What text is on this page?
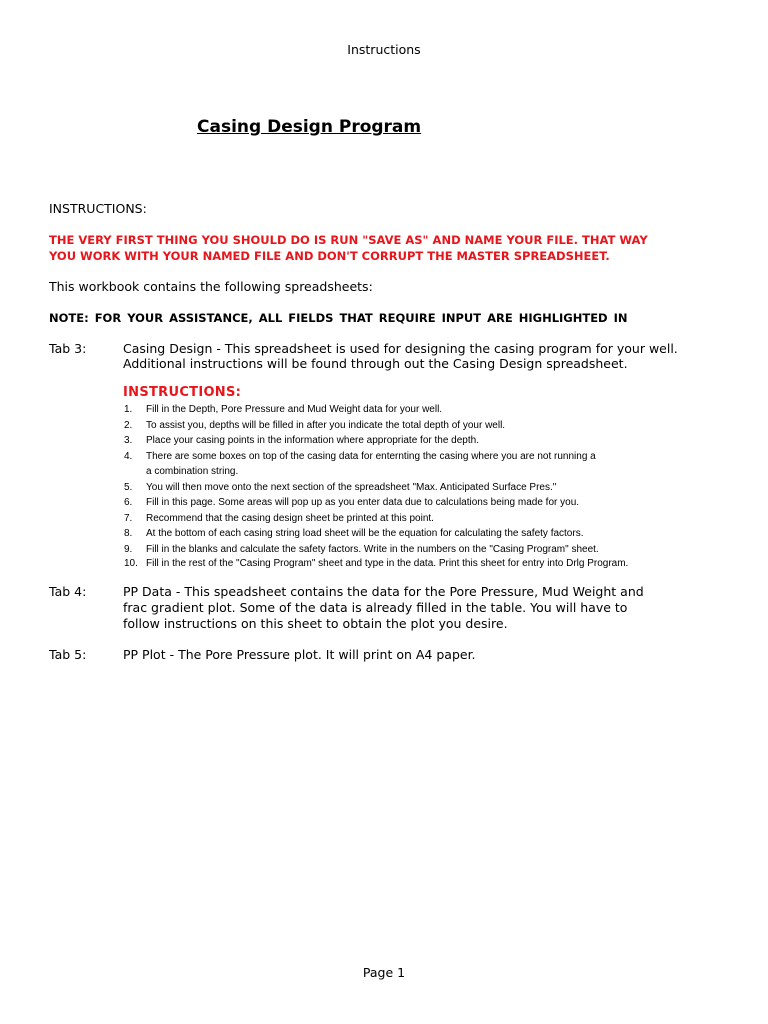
Instructions
Casing Design Program
INSTRUCTIONS:
THE VERY FIRST THING YOU SHOULD DO IS RUN "SAVE AS" AND NAME YOUR FILE. THAT WAY
YOU WORK WITH YOUR NAMED FILE AND DON'T CORRUPT THE MASTER SPREADSHEET.
This workbook contains the following spreadsheets:
NOTE: FOR YOUR ASSISTANCE, ALL FIELDS THAT REQUIRE INPUT ARE HIGHLIGHTED IN
Tab 3:	Casing Design - This spreadsheet is used for designing the casing program for your well.
Additional instructions will be found through out the Casing Design spreadsheet.
INSTRUCTIONS:
1. Fill in the Depth, Pore Pressure and Mud Weight data for your well.
2. To assist you, depths will be filled in after you indicate the total depth of your well.
3. Place your casing points in the information where appropriate for the depth.
4. There are some boxes on top of the casing data for enternting the casing where you are not running a
a combination string.
5. You will then move onto the next section of the spreadsheet "Max. Anticipated Surface Pres."
6. Fill in this page. Some areas will pop up as you enter data due to calculations being made for you.
7. Recommend that the casing design sheet be printed at this point.
8. At the bottom of each casing string load sheet will be the equation for calculating the safety factors.
9. Fill in the blanks and calculate the safety factors. Write in the numbers on the "Casing Program" sheet.
10. Fill in the rest of the "Casing Program" sheet and type in the data. Print this sheet for entry into Drlg Program.
Tab 4:	PP Data - This speadsheet contains the data for the Pore Pressure, Mud Weight and
frac gradient plot. Some of the data is already filled in the table. You will have to
follow instructions on this sheet to obtain the plot you desire.
Tab 5:	PP Plot - The Pore Pressure plot. It will print on A4 paper.
Page 1
